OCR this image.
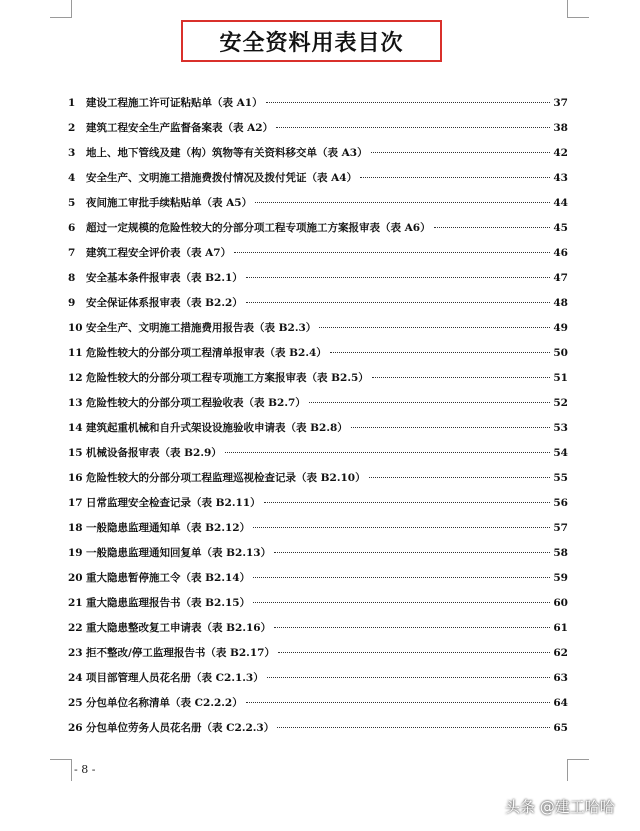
安全资料用表目次
1	建设工程施工许可证粘贴单（表 A1）	37
2	建筑工程安全生产监督备案表（表 A2）	38
3	地上、地下管线及建（构）筑物等有关资料移交单（表 A3）	42
4	安全生产、文明施工措施费拨付情况及拨付凭证（表 A4）	43
5	夜间施工审批手续粘贴单（表 A5）	44
6	超过一定规模的危险性较大的分部分项工程专项施工方案报审表（表 A6）	45
7	建筑工程安全评价表（表 A7）	46
8	安全基本条件报审表（表 B2.1）	47
9	安全保证体系报审表（表 B2.2）	48
10 安全生产、文明施工措施费用报告表（表 B2.3）	49
11 危险性较大的分部分项工程清单报审表（表 B2.4）	50
12 危险性较大的分部分项工程专项施工方案报审表（表 B2.5）	51
13 危险性较大的分部分项工程验收表（表 B2.7）	52
14 建筑起重机械和自升式架设设施验收申请表（表 B2.8）	53
15 机械设备报审表（表 B2.9）	54
16 危险性较大的分部分项工程监理巡视检查记录（表 B2.10）	55
17 日常监理安全检查记录（表 B2.11）	56
18 一般隐患监理通知单（表 B2.12）	57
19 一般隐患监理通知回复单（表 B2.13）	58
20 重大隐患暂停施工令（表 B2.14）	59
21 重大隐患监理报告书（表 B2.15）	60
22 重大隐患整改复工申请表（表 B2.16）	61
23 拒不整改/停工监理报告书（表 B2.17）	62
24 项目部管理人员花名册（表 C2.1.3）	63
25 分包单位名称清单（表 C2.2.2）	64
26 分包单位劳务人员花名册（表 C2.2.3）	65
- 8 -
头条 @建工哈哈
